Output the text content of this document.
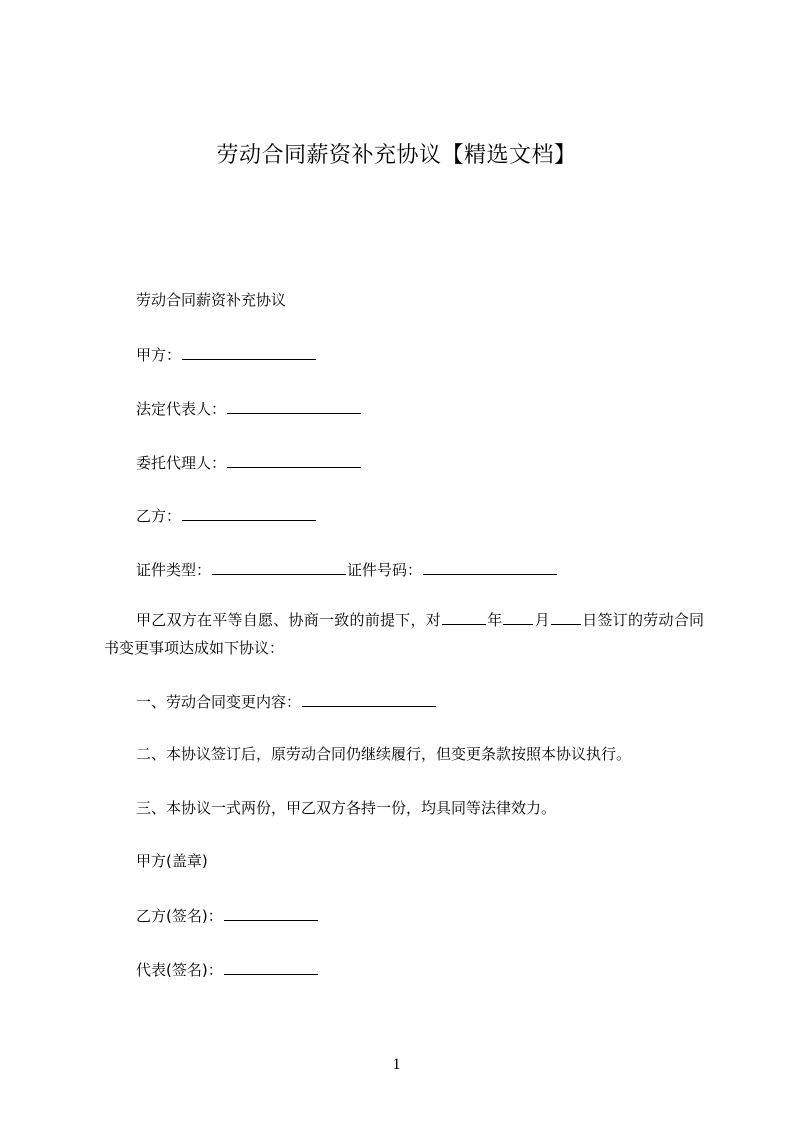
劳动合同薪资补充协议【精选文档】
劳动合同薪资补充协议
甲方：
法定代表人：
委托代理人：
乙方：
证件类型：	证件号码：
甲乙双方在平等自愿、协商一致的前提下，对	年 月 日签订的劳动合同书变更事项达成如下协议：
一、劳动合同变更内容：
二、本协议签订后，原劳动合同仍继续履行，但变更条款按照本协议执行。
三、本协议一式两份，甲乙双方各持一份，均具同等法律效力。
甲方(盖章)
乙方(签名)：
代表(签名)：
1
